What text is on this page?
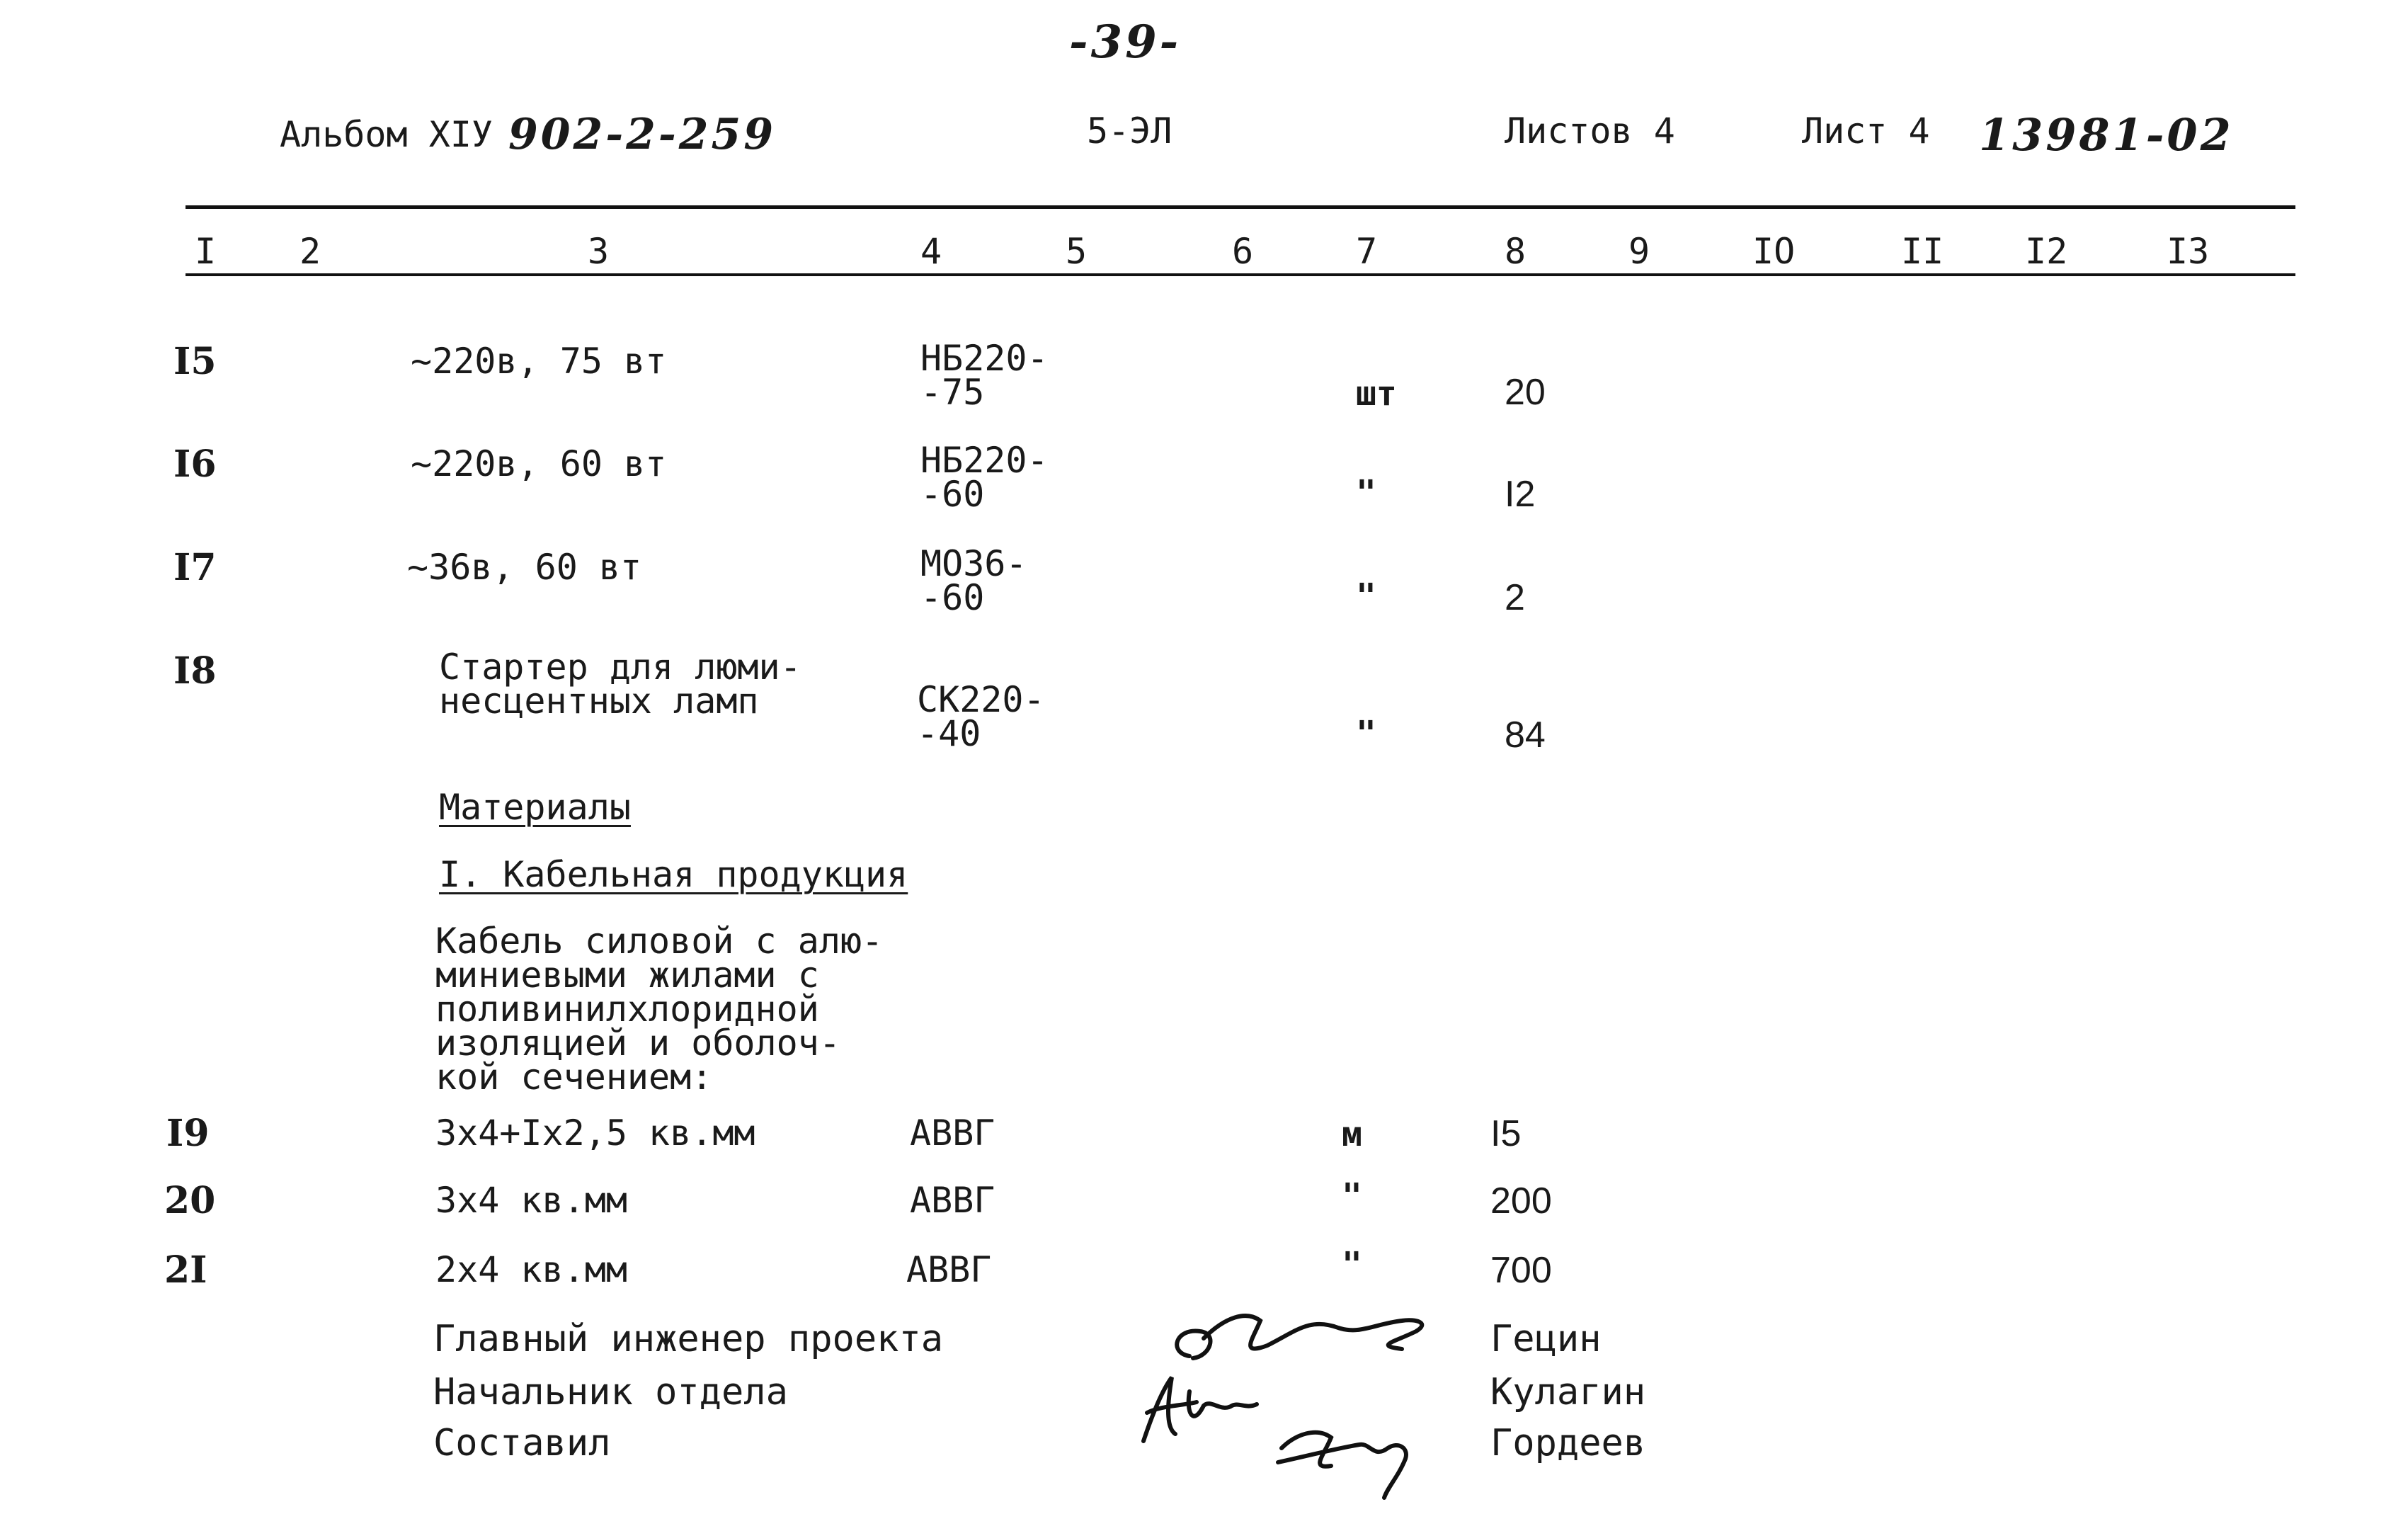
-39-
Альбом XIУ 902-2-259	5-ЭЛ	Листов 4	Лист 4 13981-02
I 2	3	4	5	6	7	8	9	IO	II I2	I3
I5	~220в, 75 вт	НБ220-
-75	шт	20
I6	~220в, 60 вт	НБ220-
-60	"	I2
I7	~36в, 60 вт	МО36-
-60	"	2
I8	Стартер для люми-
несцентных ламп	СК220-
-40	"	84
Материалы
I. Кабельная продукция
Кабель силовой с алю-
миниевыми жилами с
поливинилхлоридной
изоляцией и оболоч-
кой сечением:
I9	3х4+Iх2,5 кв.мм	АВВГ	м	I5
20	3х4 кв.мм	АВВГ	"	200
2I	2х4 кв.мм	АВВГ	"	700
Главный инженер проекта	Гецин
Начальник отдела	Кулагин
Составил	Гордеев
